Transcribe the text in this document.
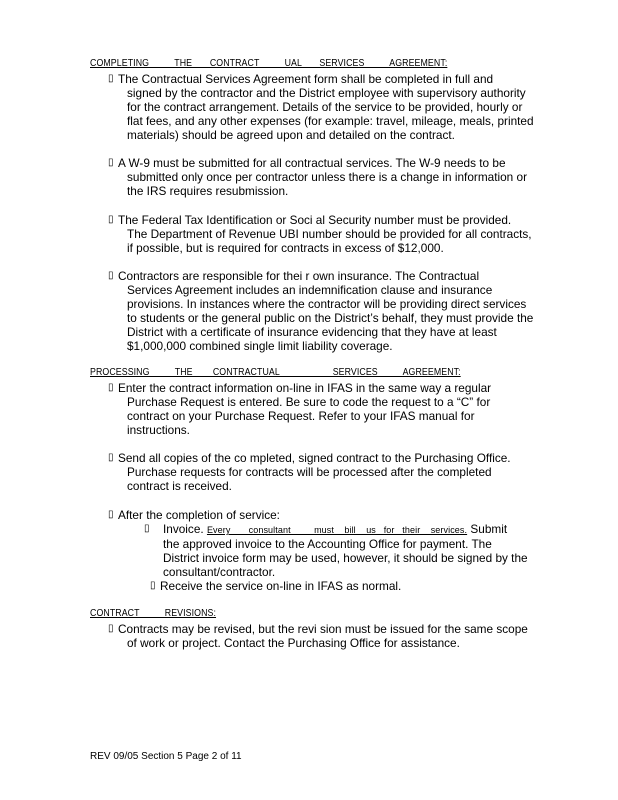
COMPLETING          THE       CONTRACT          UAL       SERVICES          AGREEMENT:
▯ The Contractual Services Agreement form shall be completed in full and
signed by the contractor and the District employee with supervisory authority
for the contract arrangement. Details of the service to be provided, hourly or
flat fees, and any other expenses (for example: travel, mileage, meals, printed
materials) should be agreed upon and detailed on the contract.
▯ A W-9 must be submitted for all contractual services. The W-9 needs to be
submitted only once per contractor unless there is a change in information or
the IRS requires resubmission.
▯ The Federal Tax Identification or Soci al Security number must be provided.
The Department of Revenue UBI number should be provided for all contracts,
if possible, but is required for contracts in excess of $12,000.
▯ Contractors are responsible for thei r own insurance. The Contractual
Services Agreement includes an indemnification clause and insurance
provisions. In instances where the contractor will be providing direct services
to students or the general public on the District’s behalf, they must provide the
District with a certificate of insurance evidencing that they have at least
$1,000,000 combined single limit liability coverage.
PROCESSING          THE        CONTRACTUAL                     SERVICES          AGREEMENT:
▯ Enter the contract information on-line in IFAS in the same way a regular
Purchase Request is entered. Be sure to code the request to a “C” for
contract on your Purchase Request. Refer to your IFAS manual for
instructions.
▯ Send all copies of the co mpleted, signed contract to the Purchasing Office.
Purchase requests for contracts will be processed after the completed
contract is received.
▯ After the completion of service:
▯ Invoice. Every       consultant         must    bill    us   for   their    services. Submit
the approved invoice to the Accounting Office for payment. The
District invoice form may be used, however, it should be signed by the
consultant/contractor.
▯ Receive the service on-line in IFAS as normal.
CONTRACT          REVISIONS:
▯ Contracts may be revised, but the revi sion must be issued for the same scope
of work or project. Contact the Purchasing Office for assistance.
REV 09/05 Section 5 Page 2 of 11
